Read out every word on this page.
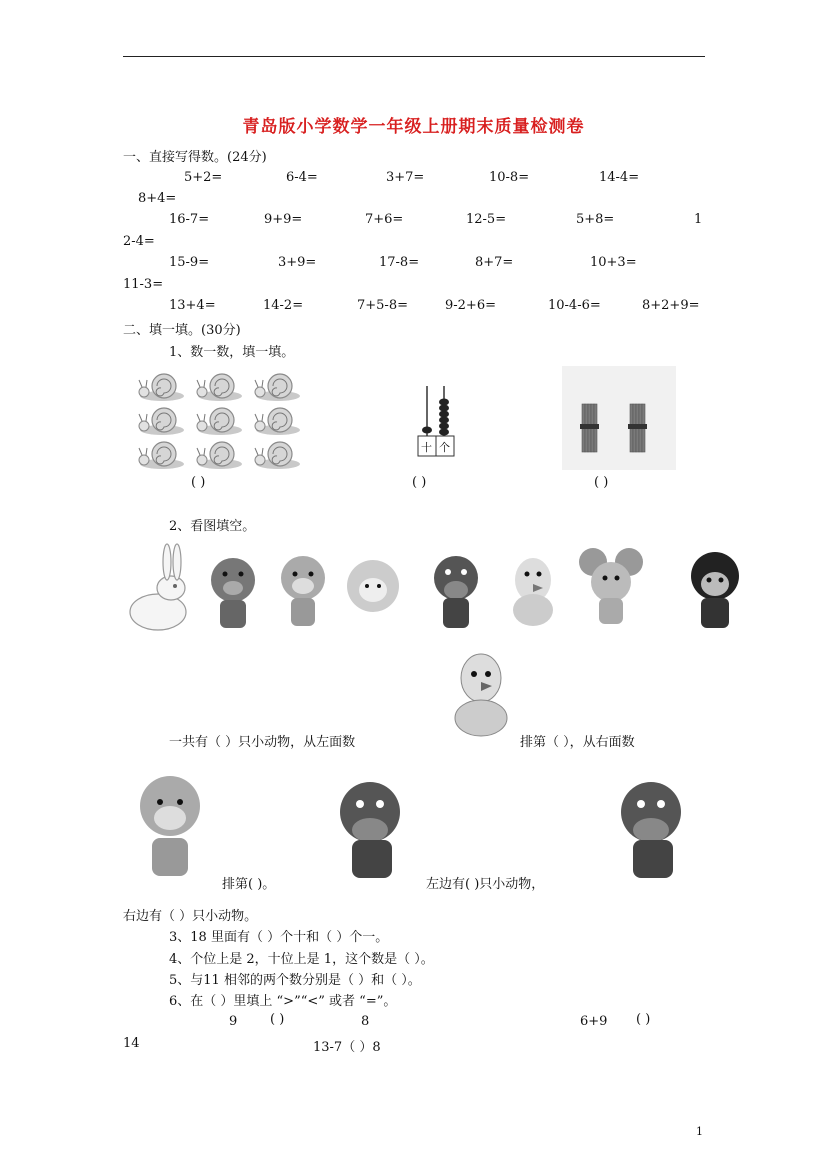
青岛版小学数学一年级上册期末质量检测卷
一、直接写得数。(24分)
5+2=	6-4=	3+7=	10-8=	14-4=
8+4=
16-7=	9+9=	7+6=	12-5=	5+8=	1
2-4=
15-9=	3+9=	17-8=	8+7=	10+3=
11-3=
13+4=	14-2=	7+5-8=	9-2+6=	10-4-6=	8+2+9=
二、填一填。(30分)
1、数一数，填一填。
十 个
( )	( )	( )
2、看图填空。
一共有（ ）只小动物，从左面数	排第（ ），从右面数
排第( )。	左边有( )只小动物，
右边有（ ）只小动物。
3、18 里面有（ ）个十和（ ）个一。
4、个位上是 2，十位上是 1，这个数是（ ）。
5、与11 相邻的两个数分别是（ ）和（ ）。
6、在（ ）里填上 “>”“<” 或者 “=”。
9	( )	8	6+9 ( )
14	13-7（ ）8
1
